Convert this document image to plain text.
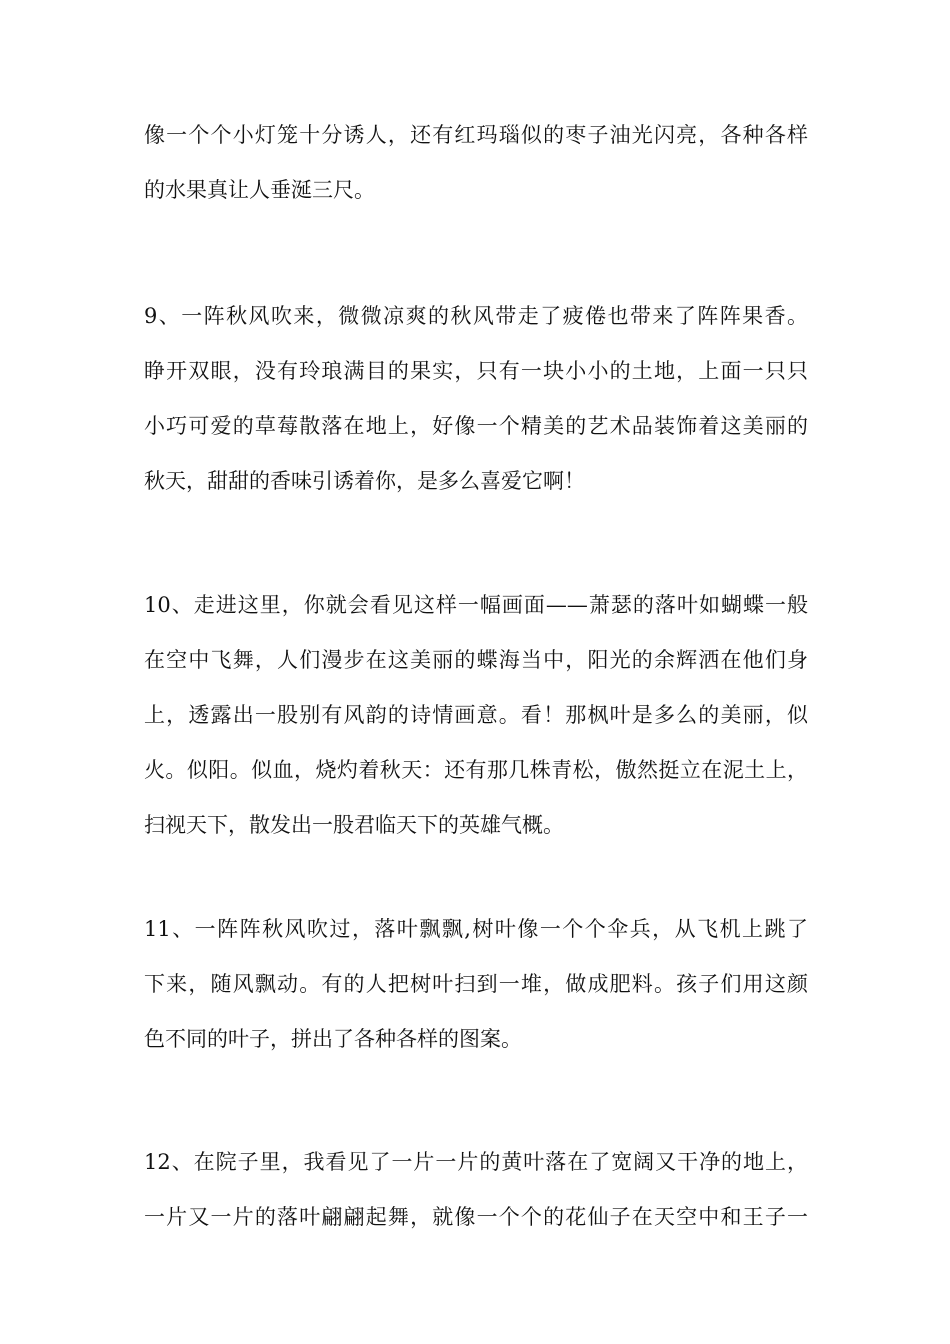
像一个个小灯笼十分诱人，还有红玛瑙似的枣子油光闪亮，各种各样
的水果真让人垂涎三尺。
9、一阵秋风吹来，微微凉爽的秋风带走了疲倦也带来了阵阵果香。
睁开双眼，没有玲琅满目的果实，只有一块小小的土地，上面一只只
小巧可爱的草莓散落在地上，好像一个精美的艺术品装饰着这美丽的
秋天，甜甜的香味引诱着你，是多么喜爱它啊！
10、走进这里，你就会看见这样一幅画面——萧瑟的落叶如蝴蝶一般
在空中飞舞，人们漫步在这美丽的蝶海当中，阳光的余辉洒在他们身
上，透露出一股别有风韵的诗情画意。看！那枫叶是多么的美丽，似
火。似阳。似血，烧灼着秋天：还有那几株青松，傲然挺立在泥土上，
扫视天下，散发出一股君临天下的英雄气概。
11、一阵阵秋风吹过，落叶飘飘,树叶像一个个伞兵，从飞机上跳了
下来，随风飘动。有的人把树叶扫到一堆，做成肥料。孩子们用这颜
色不同的叶子，拼出了各种各样的图案。
12、在院子里，我看见了一片一片的黄叶落在了宽阔又干净的地上，
一片又一片的落叶翩翩起舞，就像一个个的花仙子在天空中和王子一
